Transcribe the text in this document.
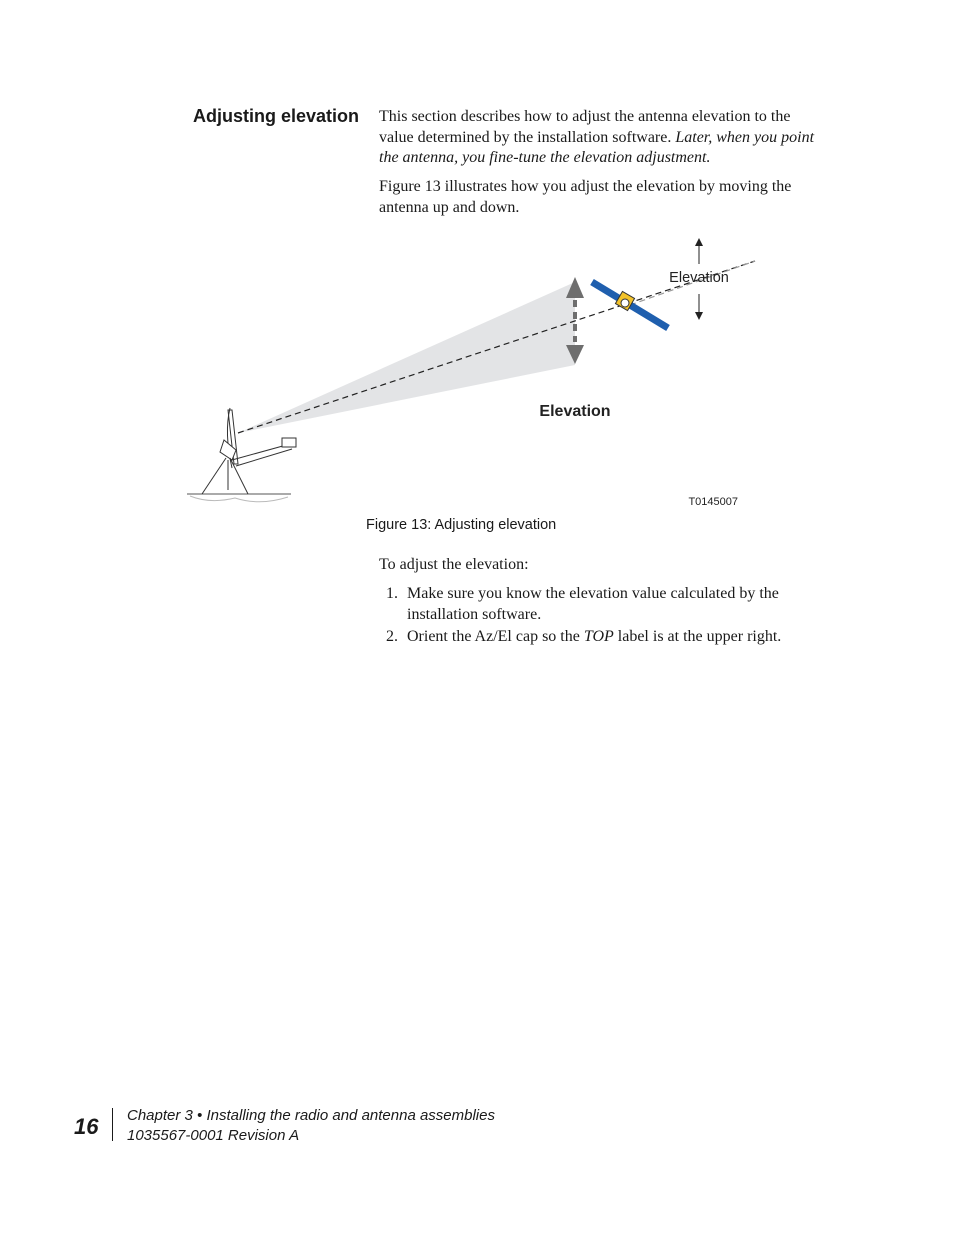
Adjusting elevation This section describes how to adjust the antenna elevation to the value determined by the installation software. Later, when you point the antenna, you fine-tune the elevation adjustment.

Figure 13 illustrates how you adjust the elevation by moving the antenna up and down.

Elevation
Elevation
T0145007
Figure 13: Adjusting elevation

To adjust the elevation:

1. Make sure you know the elevation value calculated by the installation software.
2. Orient the Az/El cap so the TOP label is at the upper right.
16 Chapter 3 • Installing the radio and antenna assemblies
1035567-0001 Revision A
